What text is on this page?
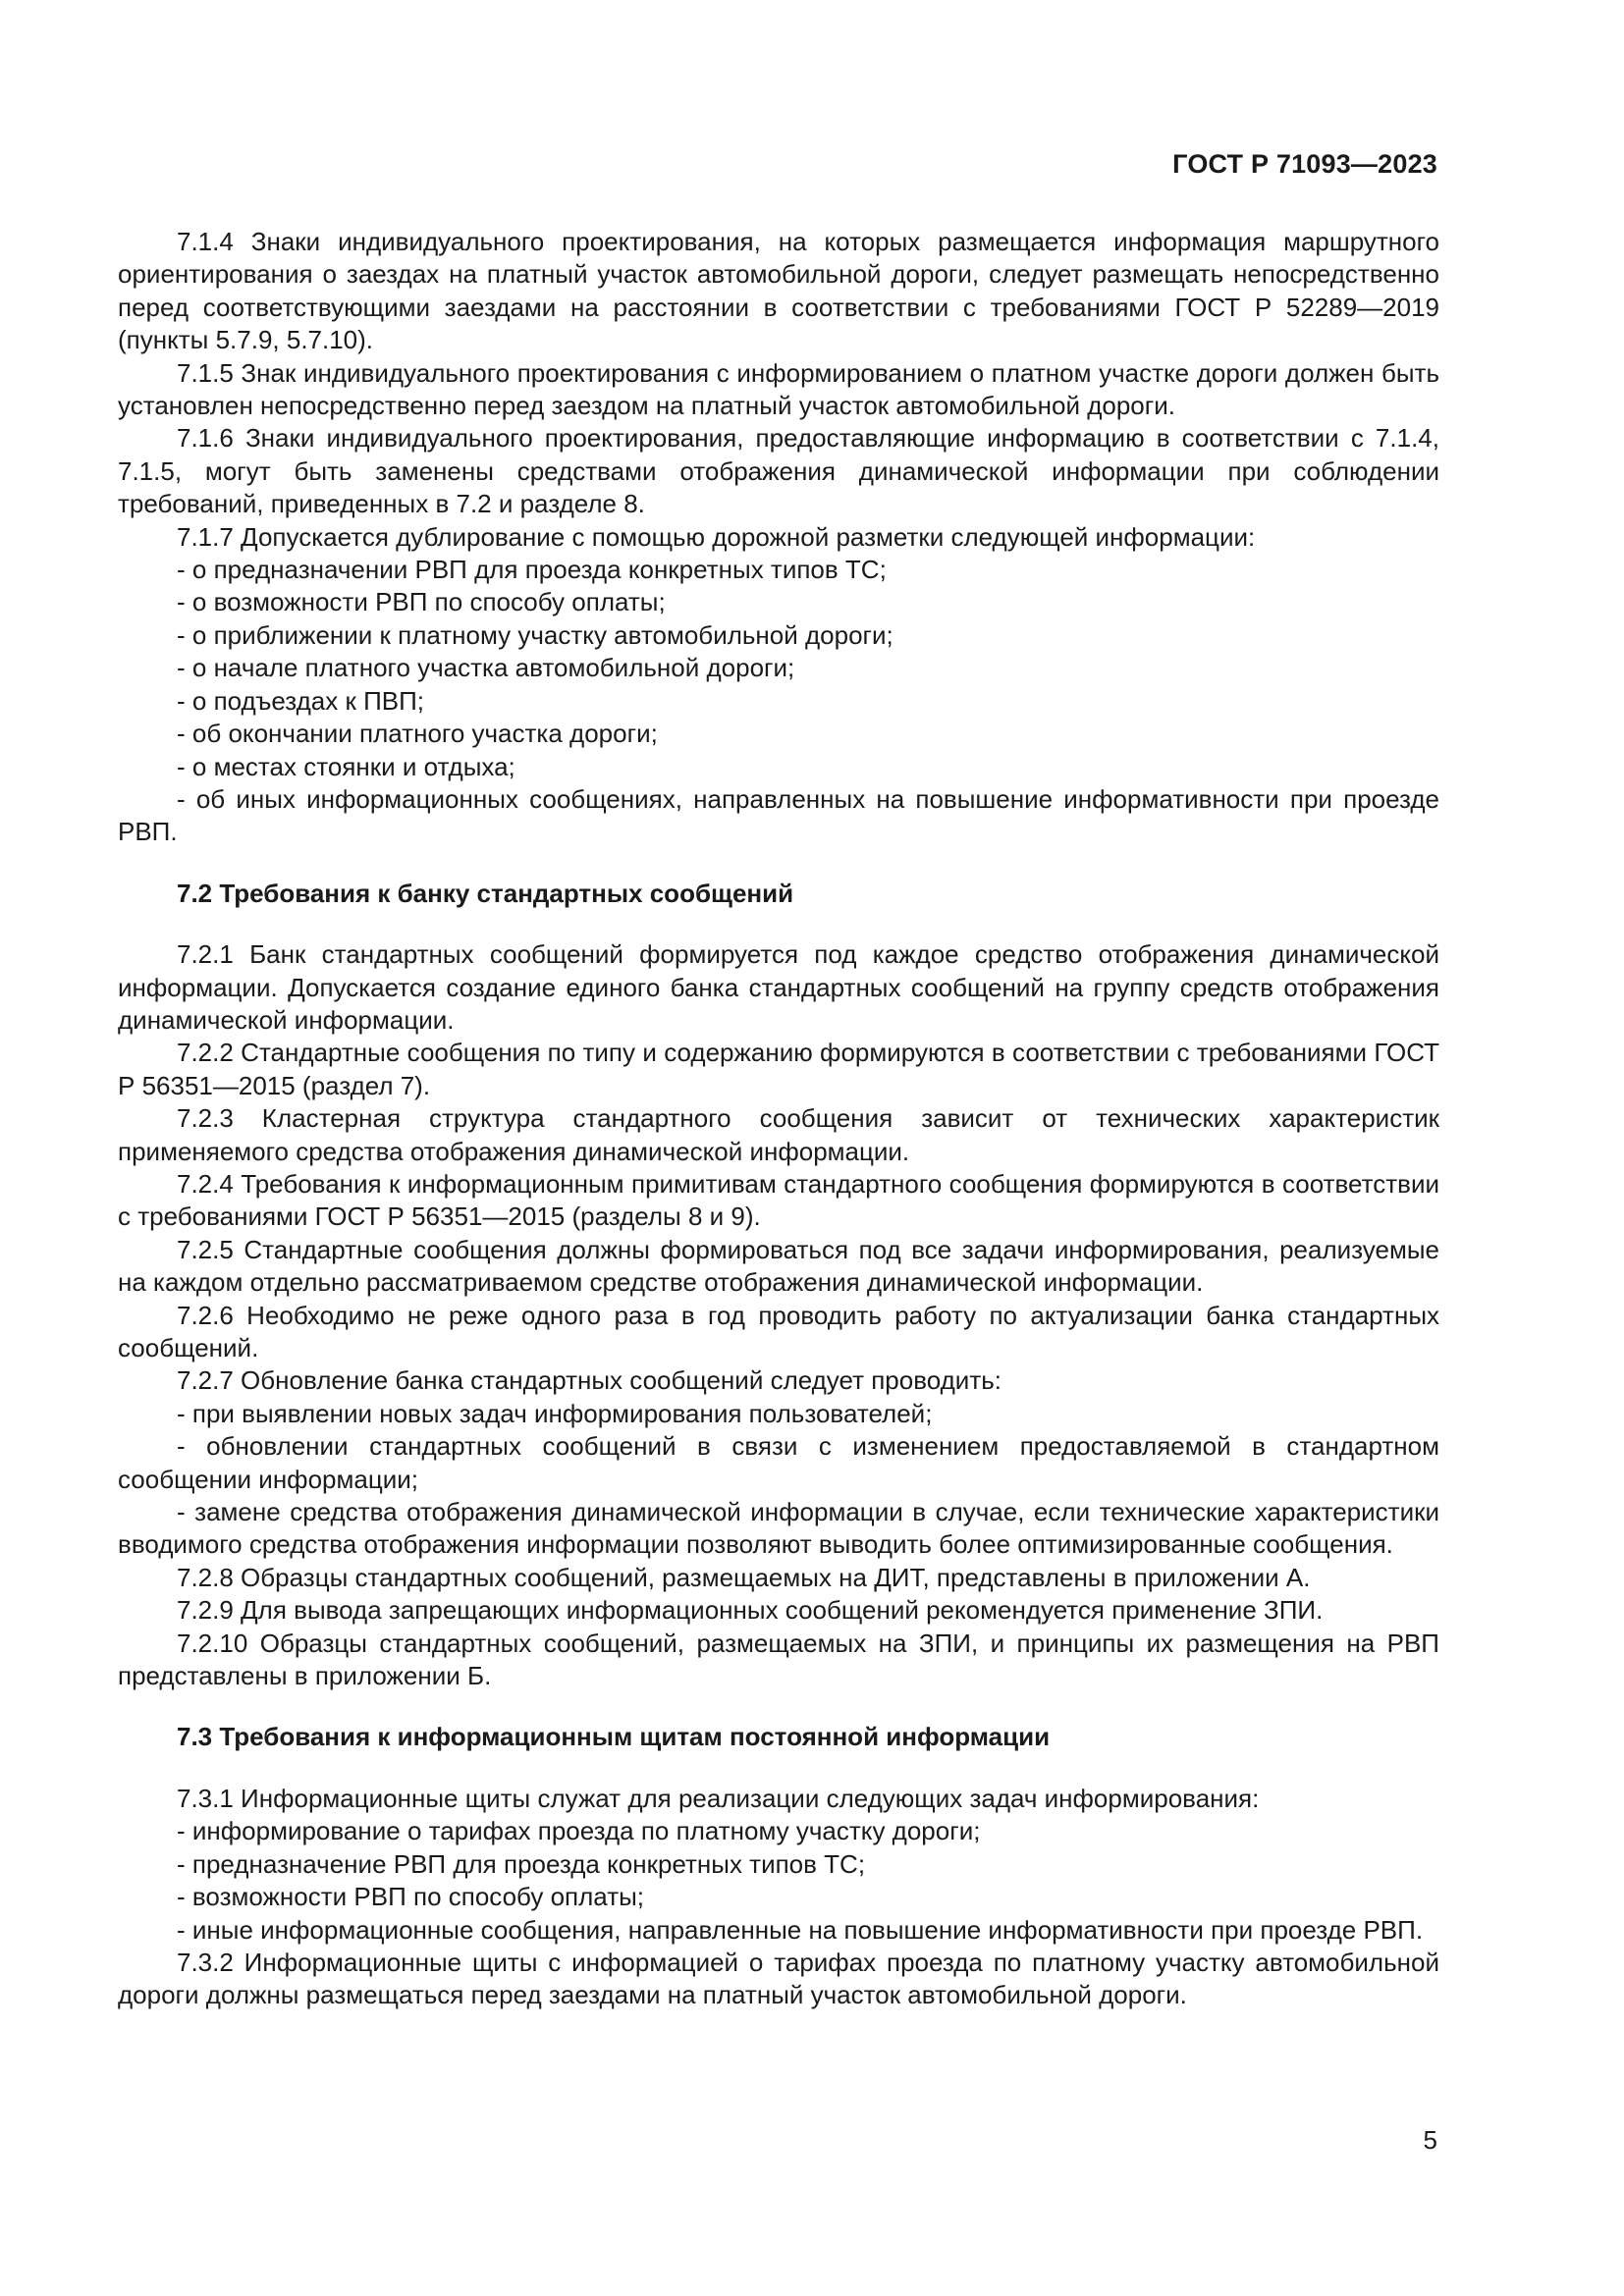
ГОСТ Р 71093—2023

7.1.4 Знаки индивидуального проектирования, на которых размещается информация маршрутного ориентирования о заездах на платный участок автомобильной дороги, следует размещать непосредственно перед соответствующими заездами на расстоянии в соответствии с требованиями ГОСТ Р 52289—2019 (пункты 5.7.9, 5.7.10).

7.1.5 Знак индивидуального проектирования с информированием о платном участке дороги должен быть установлен непосредственно перед заездом на платный участок автомобильной дороги.

7.1.6 Знаки индивидуального проектирования, предоставляющие информацию в соответствии с 7.1.4, 7.1.5, могут быть заменены средствами отображения динамической информации при соблюдении требований, приведенных в 7.2 и разделе 8.

7.1.7 Допускается дублирование с помощью дорожной разметки следующей информации:

- о предназначении РВП для проезда конкретных типов ТС;

- о возможности РВП по способу оплаты;

- о приближении к платному участку автомобильной дороги;

- о начале платного участка автомобильной дороги;

- о подъездах к ПВП;

- об окончании платного участка дороги;

- о местах стоянки и отдыха;

- об иных информационных сообщениях, направленных на повышение информативности при проезде РВП.

7.2 Требования к банку стандартных сообщений

7.2.1 Банк стандартных сообщений формируется под каждое средство отображения динамической информации. Допускается создание единого банка стандартных сообщений на группу средств отображения динамической информации.

7.2.2 Стандартные сообщения по типу и содержанию формируются в соответствии с требованиями ГОСТ Р 56351—2015 (раздел 7).

7.2.3 Кластерная структура стандартного сообщения зависит от технических характеристик применяемого средства отображения динамической информации.

7.2.4 Требования к информационным примитивам стандартного сообщения формируются в соответствии с требованиями ГОСТ Р 56351—2015 (разделы 8 и 9).

7.2.5 Стандартные сообщения должны формироваться под все задачи информирования, реализуемые на каждом отдельно рассматриваемом средстве отображения динамической информации.

7.2.6 Необходимо не реже одного раза в год проводить работу по актуализации банка стандартных сообщений.

7.2.7 Обновление банка стандартных сообщений следует проводить:

- при выявлении новых задач информирования пользователей;

- обновлении стандартных сообщений в связи с изменением предоставляемой в стандартном сообщении информации;

- замене средства отображения динамической информации в случае, если технические характеристики вводимого средства отображения информации позволяют выводить более оптимизированные сообщения.

7.2.8 Образцы стандартных сообщений, размещаемых на ДИТ, представлены в приложении А.

7.2.9 Для вывода запрещающих информационных сообщений рекомендуется применение ЗПИ.

7.2.10 Образцы стандартных сообщений, размещаемых на ЗПИ, и принципы их размещения на РВП представлены в приложении Б.

7.3 Требования к информационным щитам постоянной информации

7.3.1 Информационные щиты служат для реализации следующих задач информирования:

- информирование о тарифах проезда по платному участку дороги;

- предназначение РВП для проезда конкретных типов ТС;

- возможности РВП по способу оплаты;

- иные информационные сообщения, направленные на повышение информативности при проезде РВП.

7.3.2 Информационные щиты с информацией о тарифах проезда по платному участку автомобильной дороги должны размещаться перед заездами на платный участок автомобильной дороги.

5
